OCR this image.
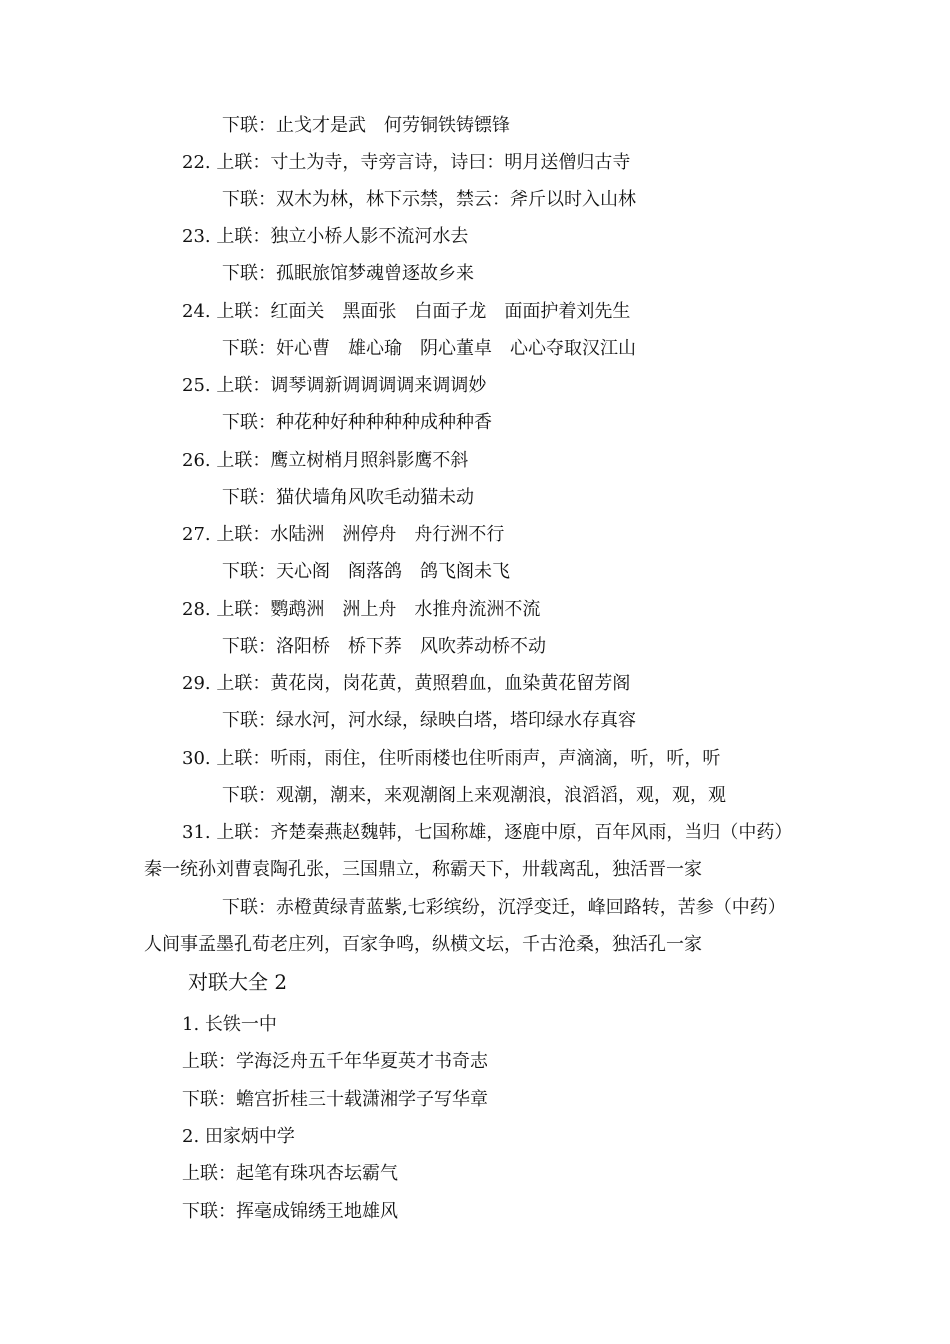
下联：止戈才是武　何劳铜铁铸镖锋
22. 上联：寸土为寺，寺旁言诗，诗曰：明月送僧归古寺
下联：双木为林，林下示禁，禁云：斧斤以时入山林
23. 上联：独立小桥人影不流河水去
下联：孤眠旅馆梦魂曾逐故乡来
24. 上联：红面关　黑面张　白面子龙　面面护着刘先生
下联：奸心曹　雄心瑜　阴心董卓　心心夺取汉江山
25. 上联：调琴调新调调调调来调调妙
下联：种花种好种种种种成种种香
26. 上联：鹰立树梢月照斜影鹰不斜
下联：猫伏墙角风吹毛动猫未动
27. 上联：水陆洲　洲停舟　舟行洲不行
下联：天心阁　阁落鸽　鸽飞阁未飞
28. 上联：鹦鹉洲　洲上舟　水推舟流洲不流
下联：洛阳桥　桥下荞　风吹荞动桥不动
29. 上联：黄花岗，岗花黄，黄照碧血，血染黄花留芳阁
下联：绿水河，河水绿，绿映白塔，塔印绿水存真容
30. 上联：听雨，雨住，住听雨楼也住听雨声，声滴滴，听，听，听
下联：观潮，潮来，来观潮阁上来观潮浪，浪滔滔，观，观，观
31. 上联：齐楚秦燕赵魏韩，七国称雄，逐鹿中原，百年风雨，当归（中药）
秦一统孙刘曹袁陶孔张，三国鼎立，称霸天下，卅载离乱，独活晋一家
下联：赤橙黄绿青蓝紫,七彩缤纷，沉浮变迁，峰回路转，苦参（中药）
人间事孟墨孔荀老庄列，百家争鸣，纵横文坛，千古沧桑，独活孔一家
对联大全 2
1. 长铁一中
上联：学海泛舟五千年华夏英才书奇志
下联：蟾宫折桂三十载潇湘学子写华章
2. 田家炳中学
上联：起笔有珠巩杏坛霸气
下联：挥毫成锦绣王地雄风
